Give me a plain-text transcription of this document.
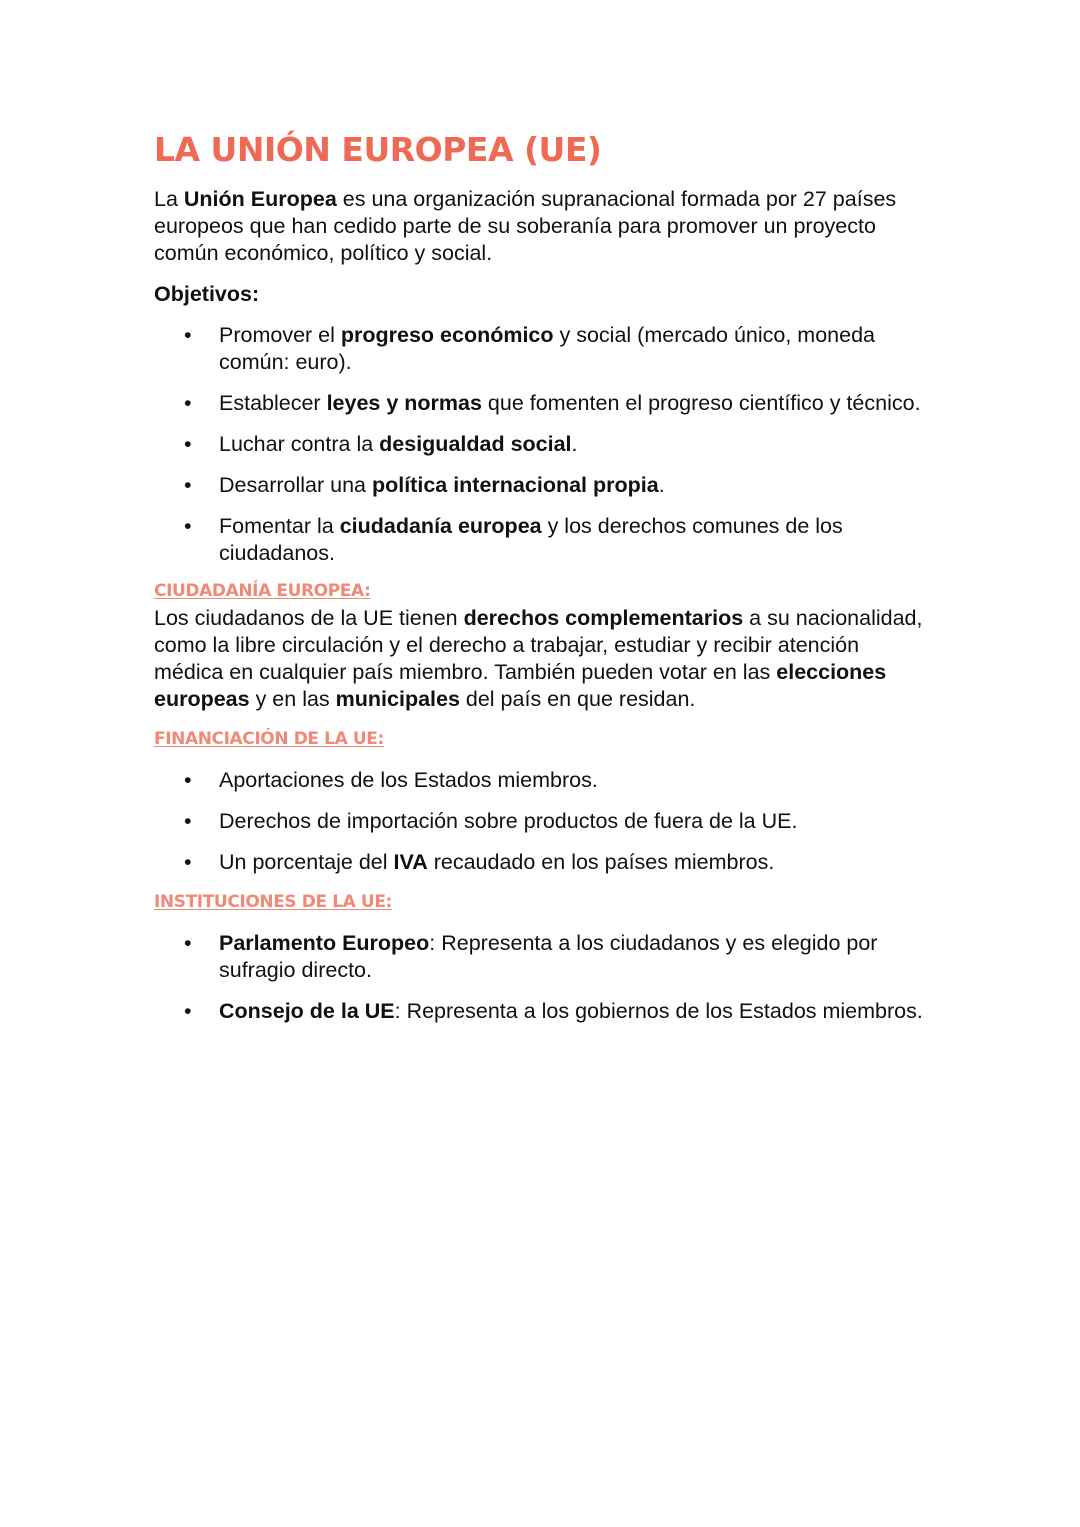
LA UNIÓN EUROPEA (UE)

La Unión Europea es una organización supranacional formada por 27 países europeos que han cedido parte de su soberanía para promover un proyecto común económico, político y social.

Objetivos:
• Promover el progreso económico y social (mercado único, moneda común: euro).
• Establecer leyes y normas que fomenten el progreso científico y técnico.
• Luchar contra la desigualdad social.
• Desarrollar una política internacional propia.
• Fomentar la ciudadanía europea y los derechos comunes de los ciudadanos.
CIUDADANÍA EUROPEA:

Los ciudadanos de la UE tienen derechos complementarios a su nacionalidad, como la libre circulación y el derecho a trabajar, estudiar y recibir atención médica en cualquier país miembro. También pueden votar en las elecciones europeas y en las municipales del país en que residan.

FINANCIACIÓN DE LA UE:
• Aportaciones de los Estados miembros.
• Derechos de importación sobre productos de fuera de la UE.
• Un porcentaje del IVA recaudado en los países miembros.
INSTITUCIONES DE LA UE:
• Parlamento Europeo: Representa a los ciudadanos y es elegido por sufragio directo.
• Consejo de la UE: Representa a los gobiernos de los Estados miembros.
